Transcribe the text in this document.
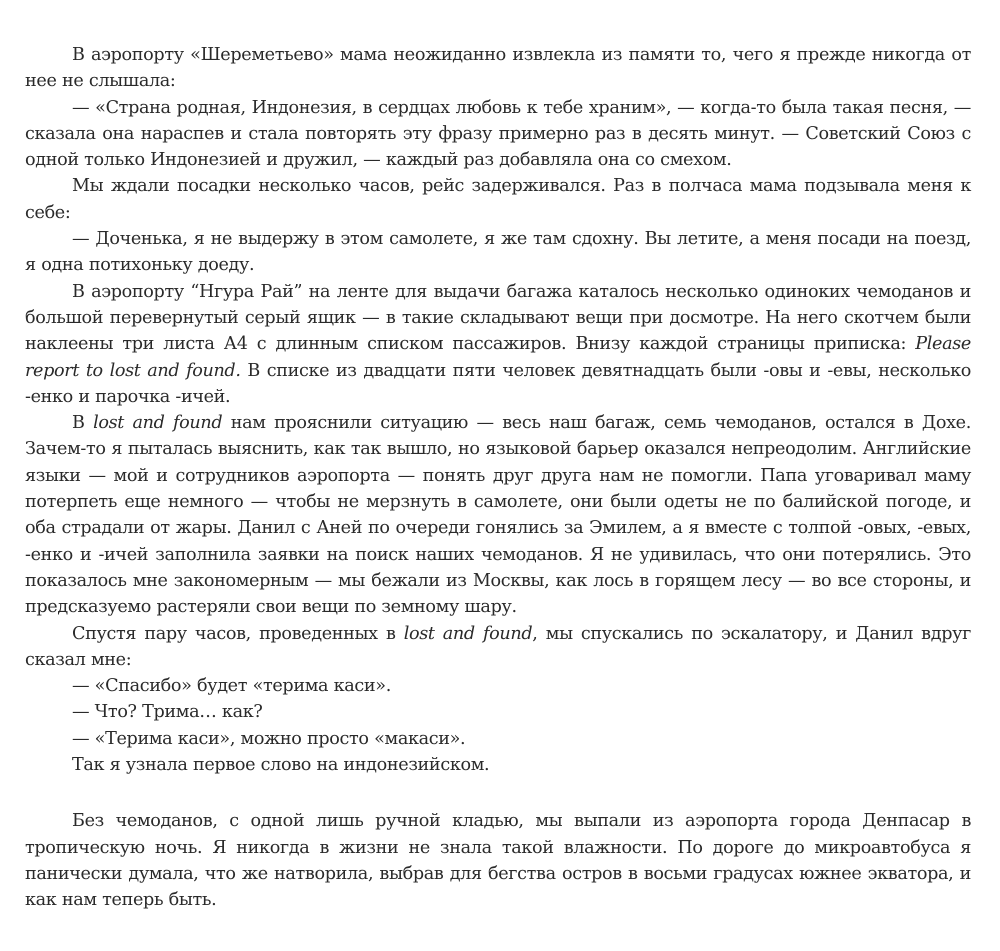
В аэропорту «Шереметьево» мама неожиданно извлекла из памяти то, чего я прежде никогда от нее не слышала:

— «Страна родная, Индонезия, в сердцах любовь к тебе храним», — когда-то была такая песня, — сказала она нараспев и стала повторять эту фразу примерно раз в десять минут. — Советский Союз с одной только Индонезией и дружил, — каждый раз добавляла она со смехом.

Мы ждали посадки несколько часов, рейс задерживался. Раз в полчаса мама подзывала меня к себе:

— Доченька, я не выдержу в этом самолете, я же там сдохну. Вы летите, а меня посади на поезд, я одна потихоньку доеду.

В аэропорту “Нгура Рай” на ленте для выдачи багажа каталось несколько одиноких чемоданов и большой перевернутый серый ящик — в такие складывают вещи при досмотре. На него скотчем были наклеены три листа А4 с длинным списком пассажиров. Внизу каждой страницы приписка: Please report to lost and found. В списке из двадцати пяти человек девятнадцать были -овы и -евы, несколько -енко и парочка -ичей.

В lost and found нам прояснили ситуацию — весь наш багаж, семь чемоданов, остался в Дохе. Зачем-то я пыталась выяснить, как так вышло, но языковой барьер оказался непреодолим. Английские языки — мой и сотрудников аэропорта — понять друг друга нам не помогли. Папа уговаривал маму потерпеть еще немного — чтобы не мерзнуть в самолете, они были одеты не по балийской погоде, и оба страдали от жары. Данил с Аней по очереди гонялись за Эмилем, а я вместе с толпой -овых, -евых, -енко и -ичей заполнила заявки на поиск наших чемоданов. Я не удивилась, что они потерялись. Это показалось мне закономерным — мы бежали из Москвы, как лось в горящем лесу — во все стороны, и предсказуемо растеряли свои вещи по земному шару.

Спустя пару часов, проведенных в lost and found, мы спускались по эскалатору, и Данил вдруг сказал мне:

— «Спасибо» будет «терима каси».

— Что? Трима… как?

— «Терима каси», можно просто «макаси».

Так я узнала первое слово на индонезийском.

Без чемоданов, с одной лишь ручной кладью, мы выпали из аэропорта города Денпасар в тропическую ночь. Я никогда в жизни не знала такой влажности. По дороге до микроавтобуса я панически думала, что же натворила, выбрав для бегства остров в восьми градусах южнее экватора, и как нам теперь быть.
